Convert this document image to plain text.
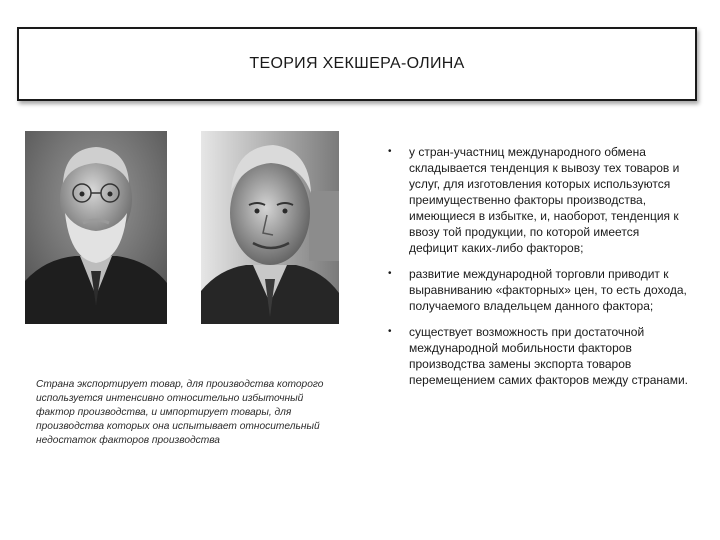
ТЕОРИЯ ХЕКШЕРА-ОЛИНА
Страна экспортирует товар, для производства которого используется интенсивно относительно избыточный фактор производства, и импортирует товары, для производства которых она испытывает относительный недостаток факторов производства
• у стран-участниц международного обмена складывается тенденция к вывозу тех товаров и услуг, для изготовления которых используются преимущественно факторы производства, имеющиеся в избытке, и, наоборот, тенденция к ввозу той продукции, по которой имеется дефицит каких-либо факторов;
• развитие международной торговли приводит к выравниванию «факторных» цен, то есть дохода, получаемого владельцем данного фактора;
• существует возможность при достаточной международной мобильности факторов производства замены экспорта товаров перемещением самих факторов между странами.
